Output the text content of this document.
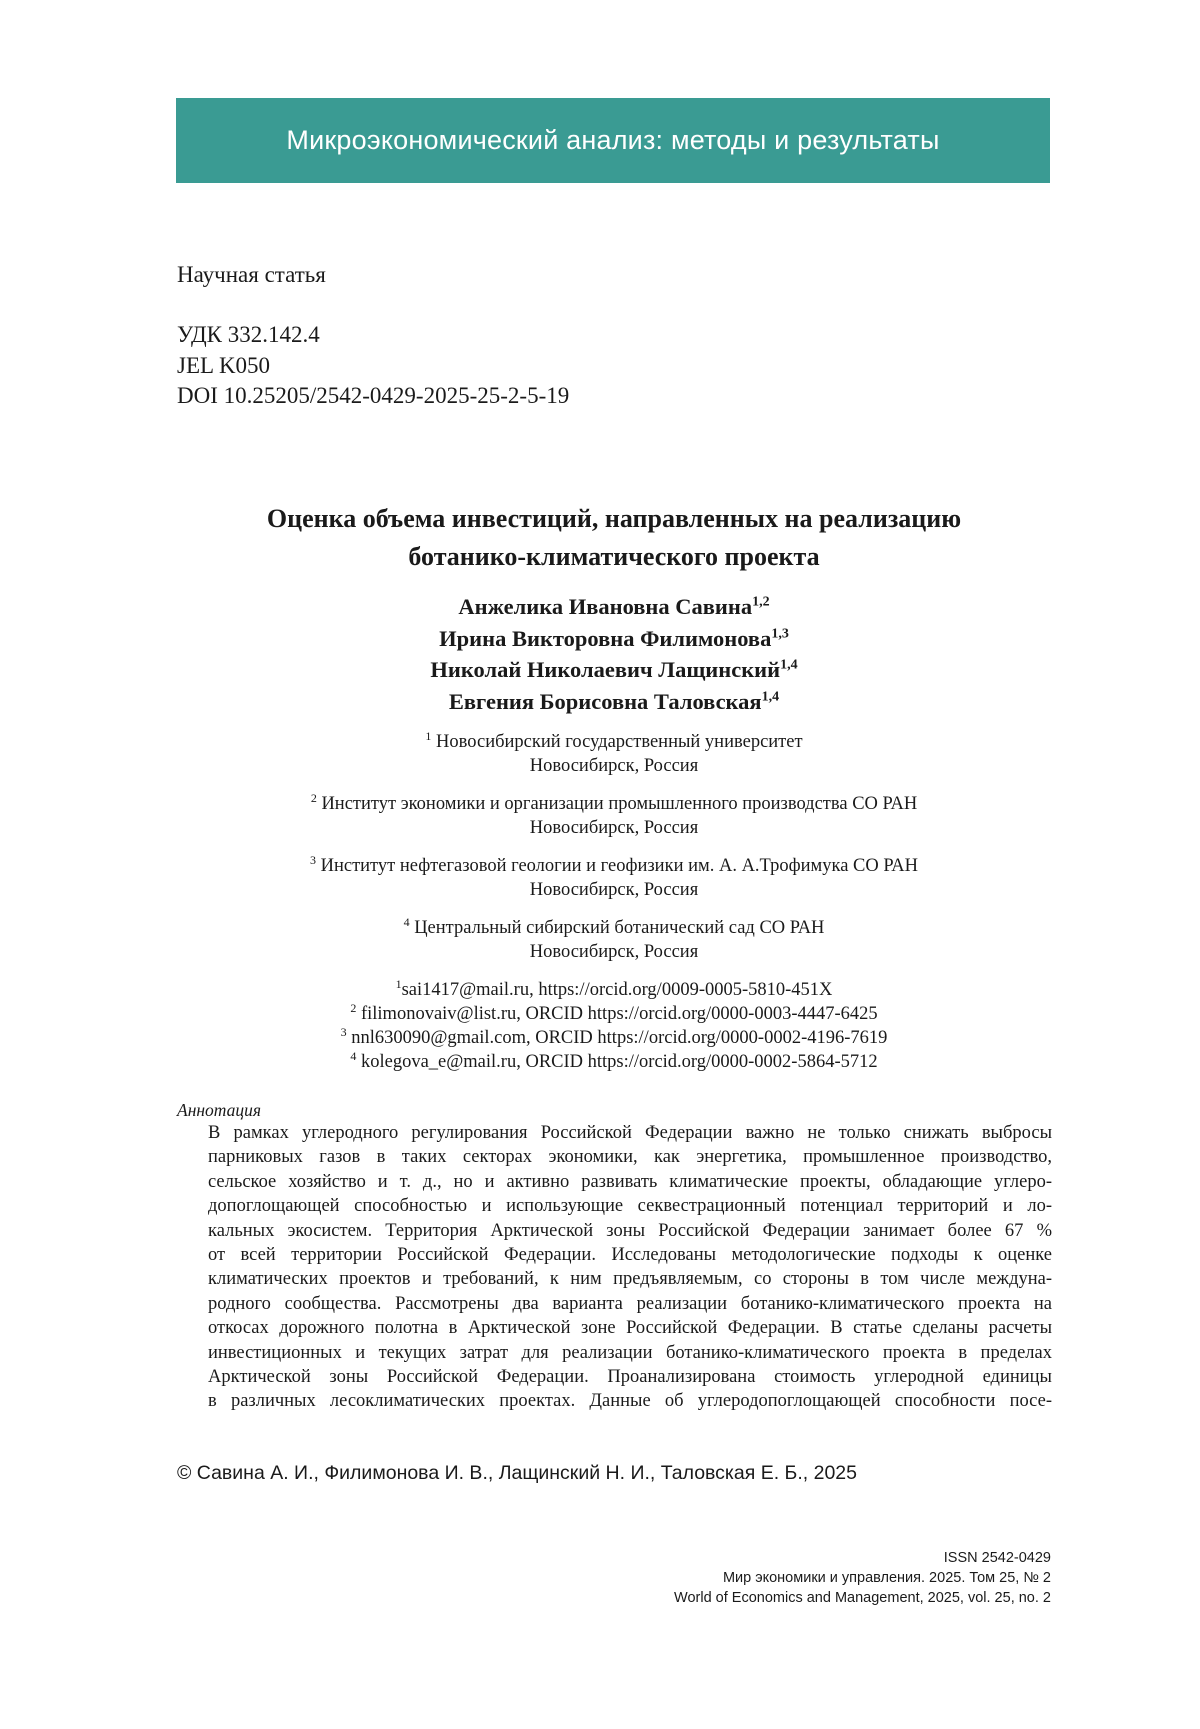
Микроэкономический анализ: методы и результаты
Научная статья
УДК 332.142.4
JEL K050
DOI 10.25205/2542-0429-2025-25-2-5-19
Оценка объема инвестиций, направленных на реализацию
ботанико-климатического проекта
Анжелика Ивановна Савина$^{1,2}$
Ирина Викторовна Филимонова$^{1,3}$
Николай Николаевич Лащинский$^{1,4}$
Евгения Борисовна Таловская$^{1,4}$
$^1$ Новосибирский государственный университет
Новосибирск, Россия
$^2$ Институт экономики и организации промышленного производства СО РАН
Новосибирск, Россия
$^3$ Институт нефтегазовой геологии и геофизики им. А. А.Трофимука СО РАН
Новосибирск, Россия
$^4$ Центральный сибирский ботанический сад СО РАН
Новосибирск, Россия
$^1$sai1417@mail.ru, https://orcid.org/0009-0005-5810-451X
$^2$ filimonovaiv@list.ru, ORCID https://orcid.org/0000-0003-4447-6425
$^3$ nnl630090@gmail.com, ORCID https://orcid.org/0000-0002-4196-7619
$^4$ kolegova_e@mail.ru, ORCID https://orcid.org/0000-0002-5864-5712
Аннотация
В рамках углеродного регулирования Российской Федерации важно не только снижать выбросы
парниковых газов в таких секторах экономики, как энергетика, промышленное производство,
сельское хозяйство и т. д., но и активно развивать климатические проекты, обладающие углеро-
допоглощающей способностью и использующие секвестрационный потенциал территорий и ло-
кальных экосистем. Территория Арктической зоны Российской Федерации занимает более 67 %
от всей территории Российской Федерации. Исследованы методологические подходы к оценке
климатических проектов и требований, к ним предъявляемым, со стороны в том числе междуна-
родного сообщества. Рассмотрены два варианта реализации ботанико-климатического проекта на
откосах дорожного полотна в Арктической зоне Российской Федерации. В статье сделаны расчеты
инвестиционных и текущих затрат для реализации ботанико-климатического проекта в пределах
Арктической зоны Российской Федерации. Проанализирована стоимость углеродной единицы
в различных лесоклиматических проектах. Данные об углеродопоглощающей способности посе-
© Савина А. И., Филимонова И. В., Лащинский Н. И., Таловская Е. Б., 2025
ISSN 2542-0429
Мир экономики и управления. 2025. Том 25, № 2
World of Economics and Management, 2025, vol. 25, no. 2
